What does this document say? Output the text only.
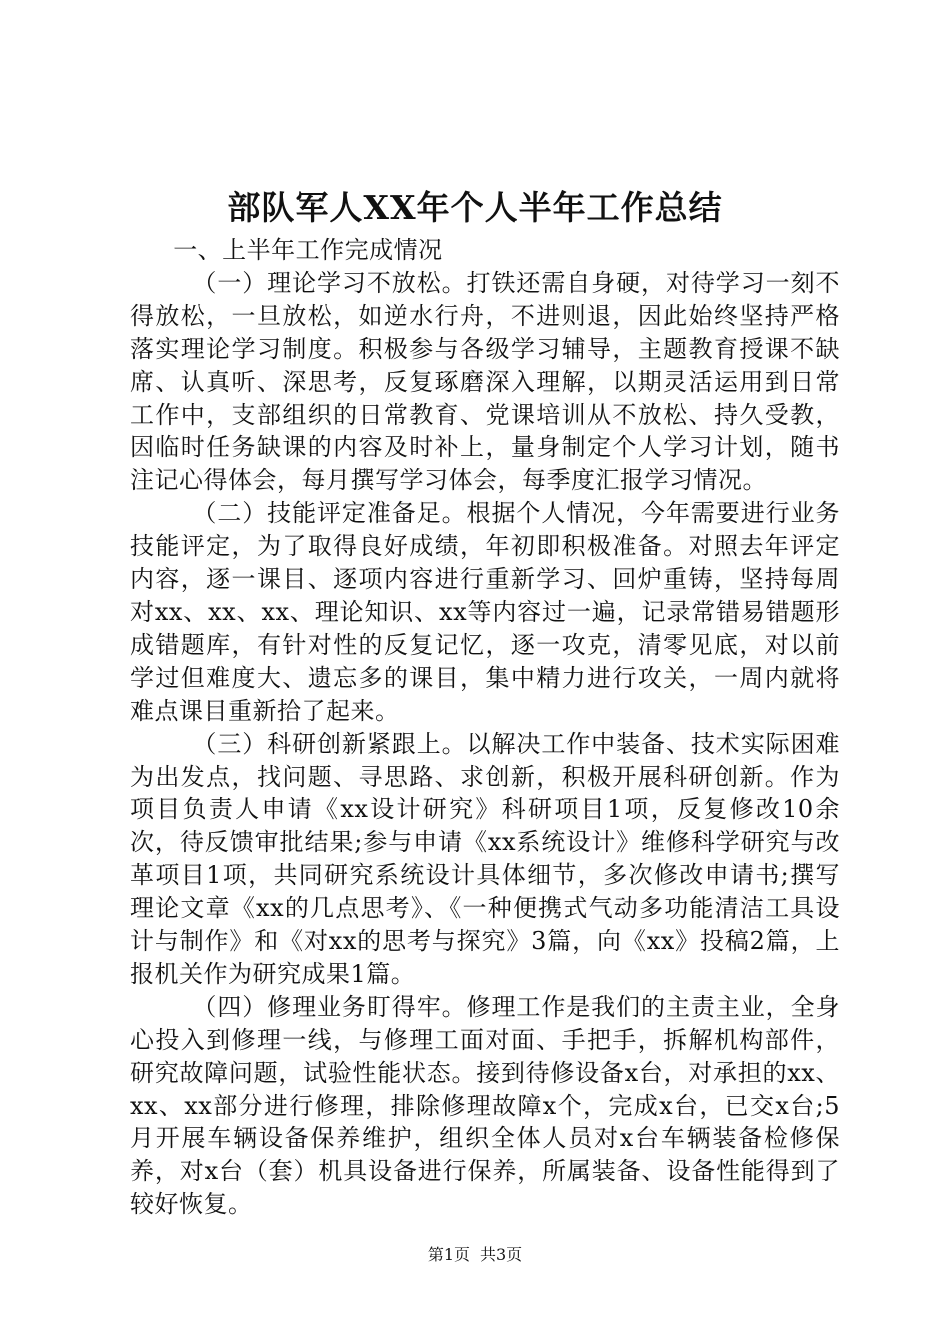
部队军人XX年个人半年工作总结

一、上半年工作完成情况

（一）理论学习不放松。打铁还需自身硬，对待学习一刻不得放松，一旦放松，如逆水行舟，不进则退，因此始终坚持严格落实理论学习制度。积极参与各级学习辅导，主题教育授课不缺席、认真听、深思考，反复琢磨深入理解，以期灵活运用到日常工作中，支部组织的日常教育、党课培训从不放松、持久受教，因临时任务缺课的内容及时补上，量身制定个人学习计划，随书注记心得体会，每月撰写学习体会，每季度汇报学习情况。

（二）技能评定准备足。根据个人情况，今年需要进行业务技能评定，为了取得良好成绩，年初即积极准备。对照去年评定内容，逐一课目、逐项内容进行重新学习、回炉重铸，坚持每周对xx、xx、xx、理论知识、xx等内容过一遍，记录常错易错题形成错题库，有针对性的反复记忆，逐一攻克，清零见底，对以前学过但难度大、遗忘多的课目，集中精力进行攻关，一周内就将难点课目重新拾了起来。

（三）科研创新紧跟上。以解决工作中装备、技术实际困难为出发点，找问题、寻思路、求创新，积极开展科研创新。作为项目负责人申请《xx设计研究》科研项目1项，反复修改10余次，待反馈审批结果;参与申请《xx系统设计》维修科学研究与改革项目1项，共同研究系统设计具体细节，多次修改申请书;撰写理论文章《xx的几点思考》、《一种便携式气动多功能清洁工具设计与制作》和《对xx的思考与探究》3篇，向《xx》投稿2篇，上报机关作为研究成果1篇。

（四）修理业务盯得牢。修理工作是我们的主责主业，全身心投入到修理一线，与修理工面对面、手把手，拆解机构部件，研究故障问题，试验性能状态。接到待修设备x台，对承担的xx、xx、xx部分进行修理，排除修理故障x个，完成x台，已交x台;5月开展车辆设备保养维护，组织全体人员对x台车辆装备检修保养，对x台（套）机具设备进行保养，所属装备、设备性能得到了较好恢复。

第1页 共3页
